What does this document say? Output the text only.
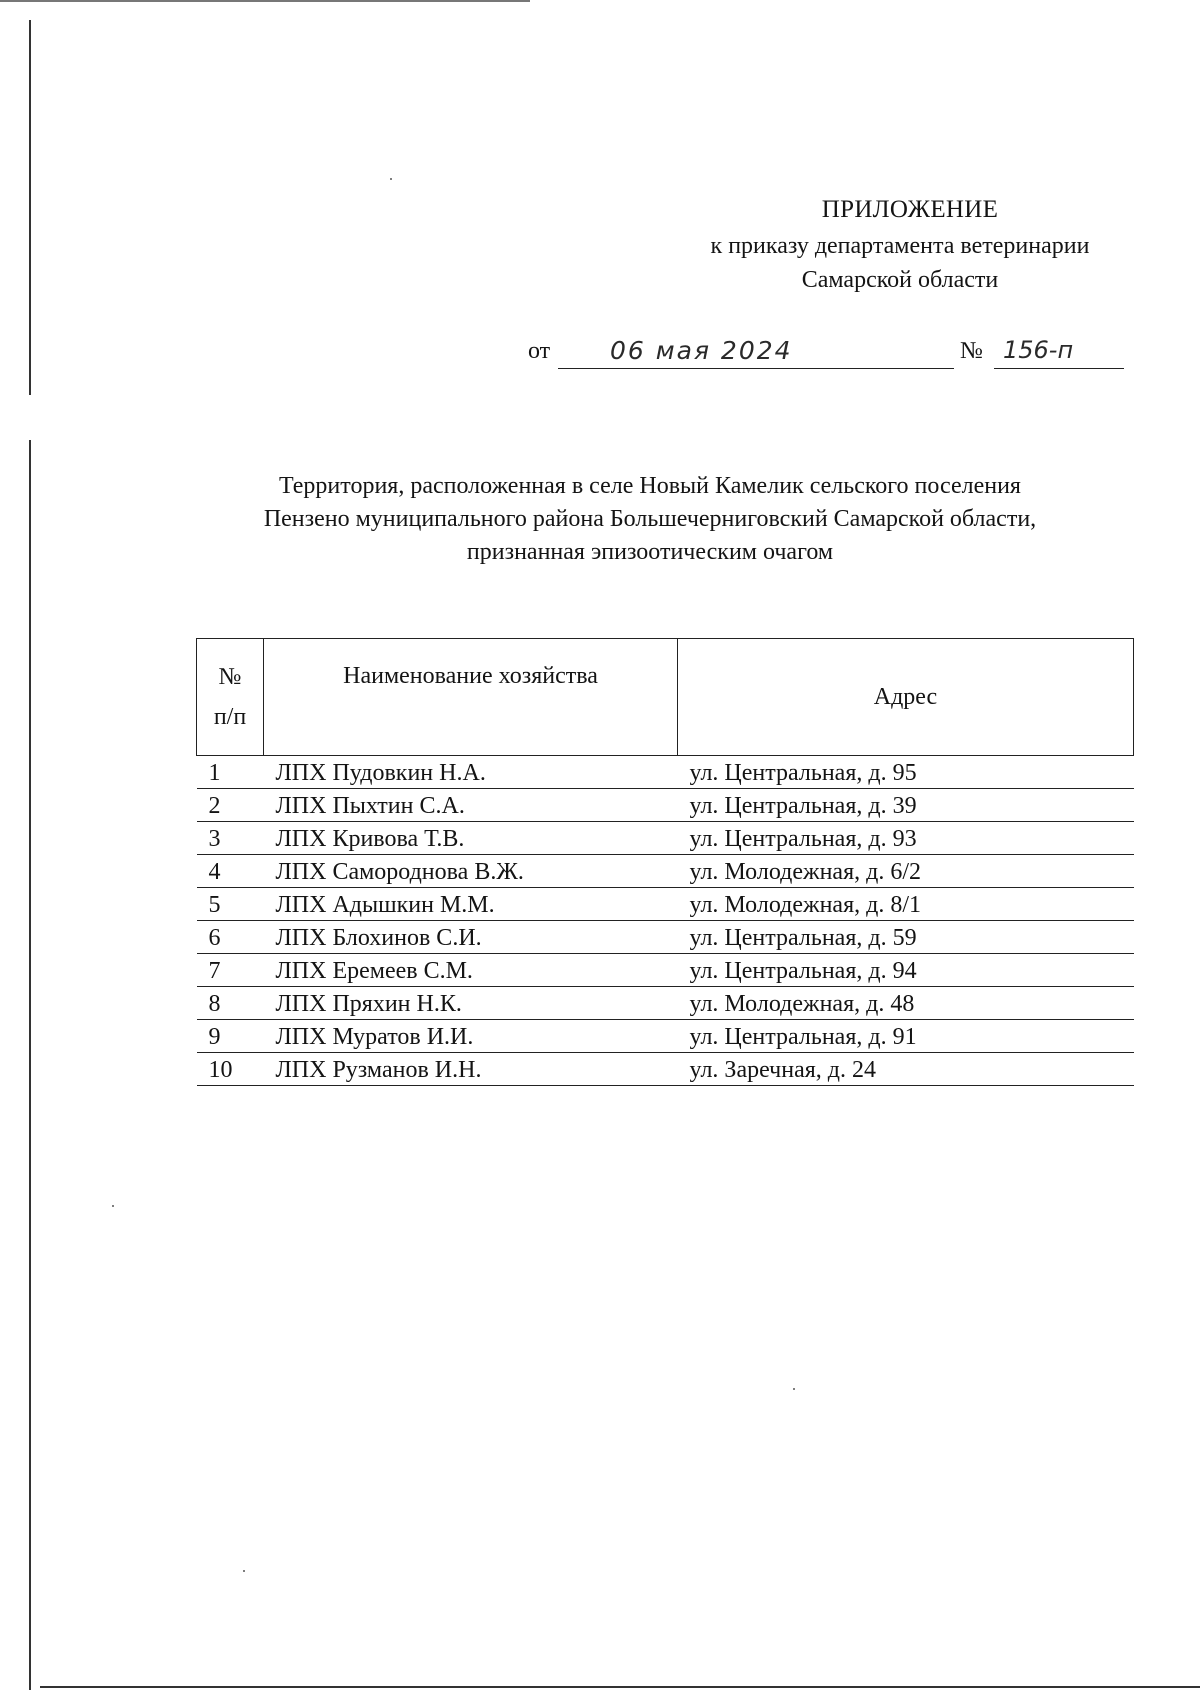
ПРИЛОЖЕНИЕ
к приказу департамента ветеринарии
Самарской области
от 06 мая 2024	№ 156-п
Территория, расположенная в селе Новый Камелик сельского поселения
Пензено муниципального района Большечерниговский Самарской области,
признанная эпизоотическим очагом
№
п/п	Наименование хозяйства	Адрес
1	ЛПХ Пудовкин Н.А.	ул. Центральная, д. 95
2	ЛПХ Пыхтин С.А.	ул. Центральная, д. 39
3	ЛПХ Кривова Т.В.	ул. Центральная, д. 93
4	ЛПХ Самороднова В.Ж.	ул. Молодежная, д. 6/2
5	ЛПХ Адышкин М.М.	ул. Молодежная, д. 8/1
6	ЛПХ Блохинов С.И.	ул. Центральная, д. 59
7	ЛПХ Еремеев С.М.	ул. Центральная, д. 94
8	ЛПХ Пряхин Н.К.	ул. Молодежная, д. 48
9	ЛПХ Муратов И.И.	ул. Центральная, д. 91
10	ЛПХ Рузманов И.Н.	ул. Заречная, д. 24
